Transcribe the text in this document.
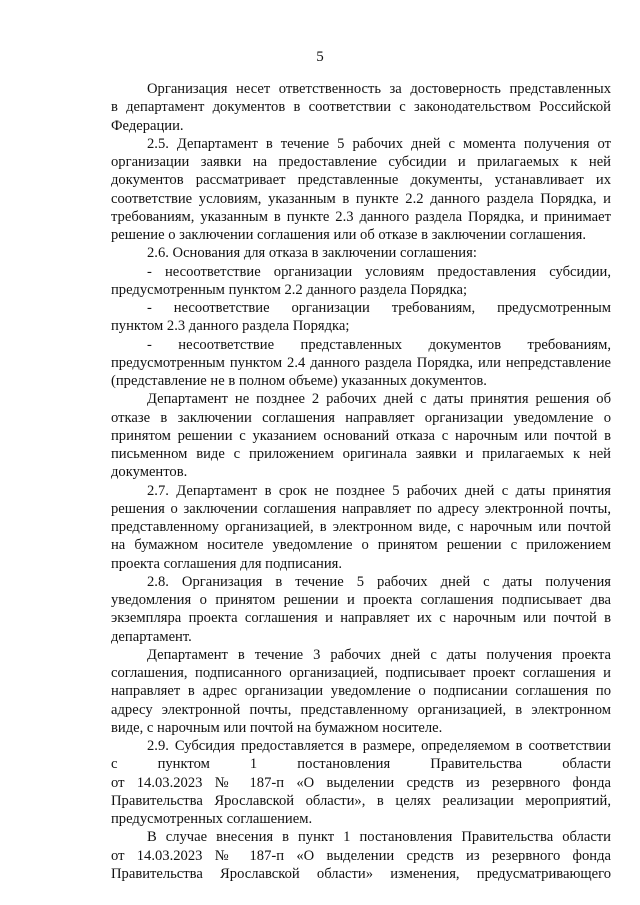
5
Организация несет ответственность за достоверность представленных
в департамент документов в соответствии с законодательством Российской
Федерации.
2.5. Департамент в течение 5 рабочих дней с момента получения от
организации заявки на предоставление субсидии и прилагаемых к ней
документов рассматривает представленные документы, устанавливает их
соответствие условиям, указанным в пункте 2.2 данного раздела Порядка, и
требованиям, указанным в пункте 2.3 данного раздела Порядка, и принимает
решение о заключении соглашения или об отказе в заключении соглашения.
2.6. Основания для отказа в заключении соглашения:
- несоответствие организации условиям предоставления субсидии,
предусмотренным пунктом 2.2 данного раздела Порядка;
- несоответствие организации требованиям, предусмотренным
пунктом 2.3 данного раздела Порядка;
- несоответствие представленных документов требованиям,
предусмотренным пунктом 2.4 данного раздела Порядка, или непредставление
(представление не в полном объеме) указанных документов.
Департамент не позднее 2 рабочих дней с даты принятия решения об
отказе в заключении соглашения направляет организации уведомление о
принятом решении с указанием оснований отказа с нарочным или почтой в
письменном виде с приложением оригинала заявки и прилагаемых к ней
документов.
2.7. Департамент в срок не позднее 5 рабочих дней с даты принятия
решения о заключении соглашения направляет по адресу электронной почты,
представленному организацией, в электронном виде, с нарочным или почтой
на бумажном носителе уведомление о принятом решении с приложением
проекта соглашения для подписания.
2.8. Организация в течение 5 рабочих дней с даты получения
уведомления о принятом решении и проекта соглашения подписывает два
экземпляра проекта соглашения и направляет их с нарочным или почтой в
департамент.
Департамент в течение 3 рабочих дней с даты получения проекта
соглашения, подписанного организацией, подписывает проект соглашения и
направляет в адрес организации уведомление о подписании соглашения по
адресу электронной почты, представленному организацией, в электронном
виде, с нарочным или почтой на бумажном носителе.
2.9. Субсидия предоставляется в размере, определяемом в соответствии
с пунктом 1 постановления Правительства области
от 14.03.2023 № 187-п «О выделении средств из резервного фонда
Правительства Ярославской области», в целях реализации мероприятий,
предусмотренных соглашением.
В случае внесения в пункт 1 постановления Правительства области
от 14.03.2023 № 187-п «О выделении средств из резервного фонда
Правительства Ярославской области» изменения, предусматривающего
